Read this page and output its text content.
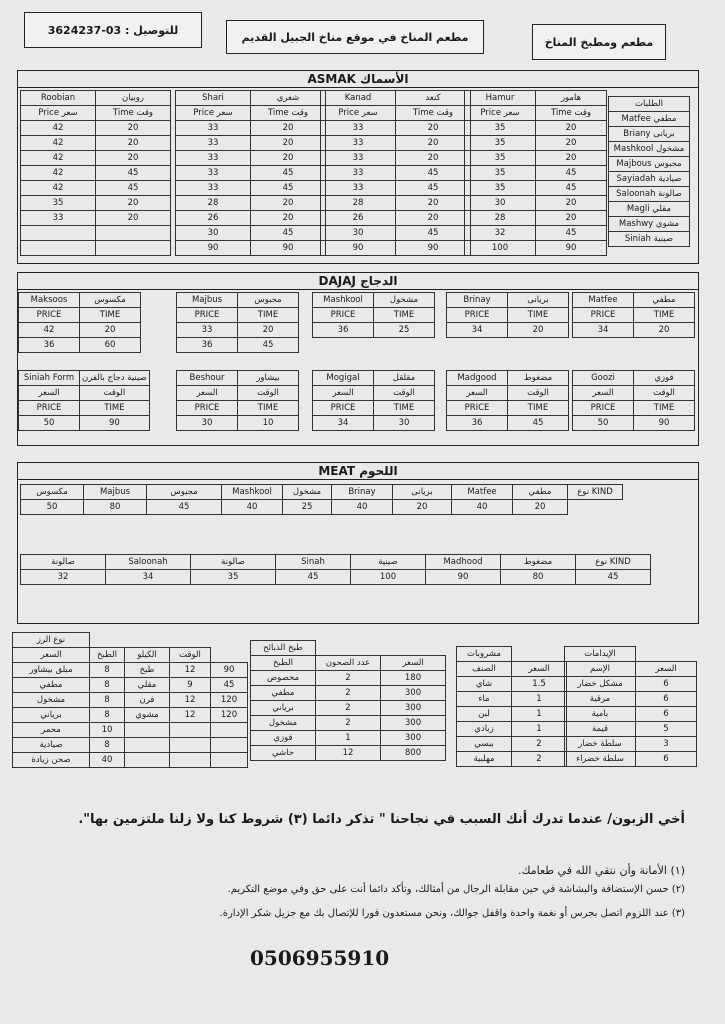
للتوصيل : 03-3624237
مطعم المناخ في موقع مناخ الجبيل القديم	مطعم ومطبخ المناخ
ASMAK الأسماك
Roobian	روبيان
Price سعر	Time وقت
42	20
42	20
42	20
42	45
42	45
35	20
33	20

Shari	شعري
Price سعر	Time وقت
33	20
33	20
33	20
33	45
33	45
28	20
26	20
30	45
90	90
Kanad	كنعد
Price سعر	Time وقت
33	20
33	20
33	20
33	45
33	45
28	20
26	20
30	45
90	90
Hamur	هامور
Price سعر	Time وقت
35	20
35	20
35	20
35	45
35	45
30	20
28	20
32	45
100	90
الطلبات
Matfee مطفي
Briany بريانى
Mashkool مشخول
Majbous مجبوس
Sayiadah صيادية
Saloonah صالونة
Magli مقلي
Mashwy مشوي
Siniah صينية
DAJAJ الدجاج
Maksoos	مكسوس
PRICE	TIME
42	20
36	60
Majbus	مجبوس
PRICE	TIME
33	20
36	45
Mashkool	مشخول
PRICE	TIME
36	25
Brinay	بريانى
PRICE	TIME
34	20
Matfee	مطفي
PRICE	TIME
34	20
Siniah Form	صينية دجاج بالفرن
السعر	الوقت
PRICE	TIME
50	90
Beshour	بيشاور
السعر	الوقت
PRICE	TIME
30	10
Mogigal	مقلقل
السعر	الوقت
PRICE	TIME
34	30
Madgood	مضغوط
السعر	الوقت
PRICE	TIME
36	45
Goozi	قوزي
السعر	الوقت
PRICE	TIME
50	90
MEAT اللحوم
مكسوس	Majbus	مجبوس	Mashkool	مشخول	Brinay	بريانى	Matfee	مطفي	نوع KIND
50	80	45	40	25	40	20	40	20	
صالونة	Saloonah	صالونة	Sinah	صينية	Madhood	مضغوط	نوع KIND
32	34	35	45	100	90	80	45
نوع الرز				
السعر	الطبخ	الكيلو	الوقت	
مبلق بيشاور	8	طبخ	12	90
مطفي	8	مقلي	9	45
مشخول	8	فرن	12	120
برياني	8	مشوي	12	120
محمر	10			
صيادية	8			
صحن زيادة	40			
طبخ الذبائح		
الطبخ	عدد الصحون	السعر
مخصوص	2	180
مطفي	2	300
برياني	2	300
مشخول	2	300
قوزي	1	300
حاشي	12	800
مشروبات	
الصنف	السعر
شاي	1.5
ماء	1
لبن	1
زبادي	1
ببسي	2
مهلبية	2
الإيدامات	
الإسم	السعر
مشكل خضار	6
مرقية	6
بامية	6
قيمة	5
سلطة خضار	3
سلطة خضراء	6
أخي الزبون/ عندما تدرك أنك السبب في نجاحنا " تذكر دائما (٣) شروط كنا ولا زلنا ملتزمين بها".
(١) الأمانة وأن نتقي الله في طعامك.
(٢) حسن الإستضافة والبشاشة في حين مقابلة الرجال من أمثالك، وتأكد دائما أنت على حق وفي موضع التكريم.
(٣) عند اللزوم اتصل بجرس أو نغمة واحدة واقفل جوالك، ونحن مستعدون فورا للإتصال بك مع جزيل شكر الإدارة.
0506955910
